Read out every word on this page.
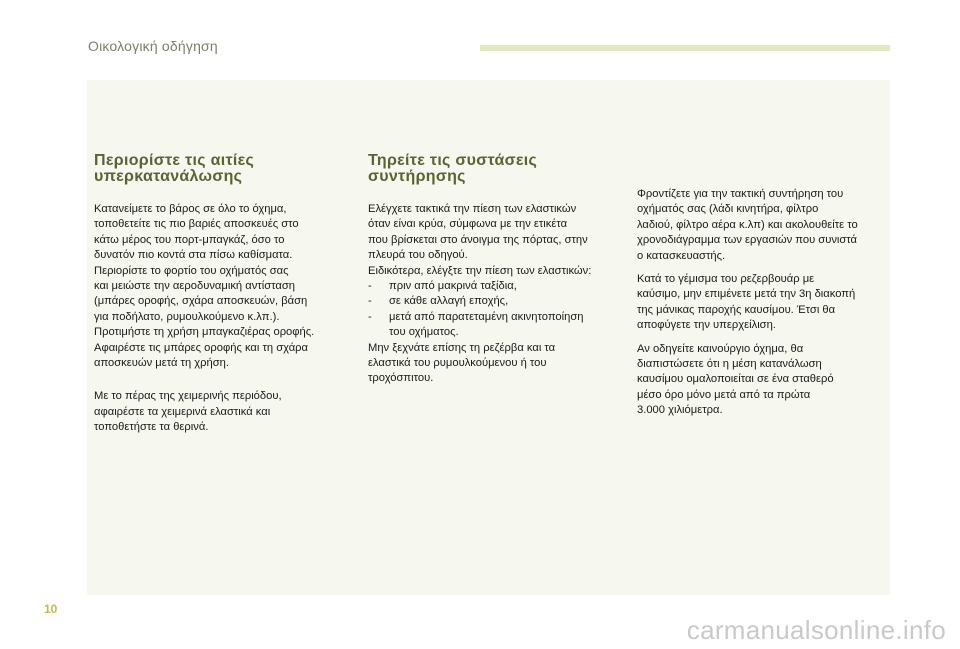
Οικολογική οδήγηση
Περιορίστε τις αιτίες
υπερκατανάλωσης

Κατανείμετε το βάρος σε όλο το όχημα,
τοποθετείτε τις πιο βαριές αποσκευές στο
κάτω μέρος του πορτ-μπαγκάζ, όσο το
δυνατόν πιο κοντά στα πίσω καθίσματα.
Περιορίστε το φορτίο του οχήματός σας
και μειώστε την αεροδυναμική αντίσταση
(μπάρες οροφής, σχάρα αποσκευών, βάση
για ποδήλατο, ρυμουλκούμενο κ.λπ.).
Προτιμήστε τη χρήση μπαγκαζιέρας οροφής.
Αφαιρέστε τις μπάρες οροφής και τη σχάρα
αποσκευών μετά τη χρήση.

Με το πέρας της χειμερινής περιόδου,
αφαιρέστε τα χειμερινά ελαστικά και
τοποθετήστε τα θερινά.

Τηρείτε τις συστάσεις
συντήρησης

Ελέγχετε τακτικά την πίεση των ελαστικών
όταν είναι κρύα, σύμφωνα με την ετικέτα
που βρίσκεται στο άνοιγμα της πόρτας, στην
πλευρά του οδηγού.
Ειδικότερα, ελέγξτε την πίεση των ελαστικών:

-	πριν από μακρινά ταξίδια,
-	σε κάθε αλλαγή εποχής,
-	μετά από παρατεταμένη ακινητοποίηση
του οχήματος.

Μην ξεχνάτε επίσης τη ρεζέρβα και τα
ελαστικά του ρυμουλκούμενου ή του
τροχόσπιτου.

Φροντίζετε για την τακτική συντήρηση του
οχήματός σας (λάδι κινητήρα, φίλτρο
λαδιού, φίλτρο αέρα κ.λπ) και ακολουθείτε το
χρονοδιάγραμμα των εργασιών που συνιστά
ο κατασκευαστής.

Κατά το γέμισμα του ρεζερβουάρ με
καύσιμο, μην επιμένετε μετά την 3η διακοπή
της μάνικας παροχής καυσίμου. Έτσι θα
αποφύγετε την υπερχείλιση.

Αν οδηγείτε καινούργιο όχημα, θα
διαπιστώσετε ότι η μέση κατανάλωση
καυσίμου ομαλοποιείται σε ένα σταθερό
μέσο όρο μόνο μετά από τα πρώτα
3.000 χιλιόμετρα.

10
carmanualsonline.info
